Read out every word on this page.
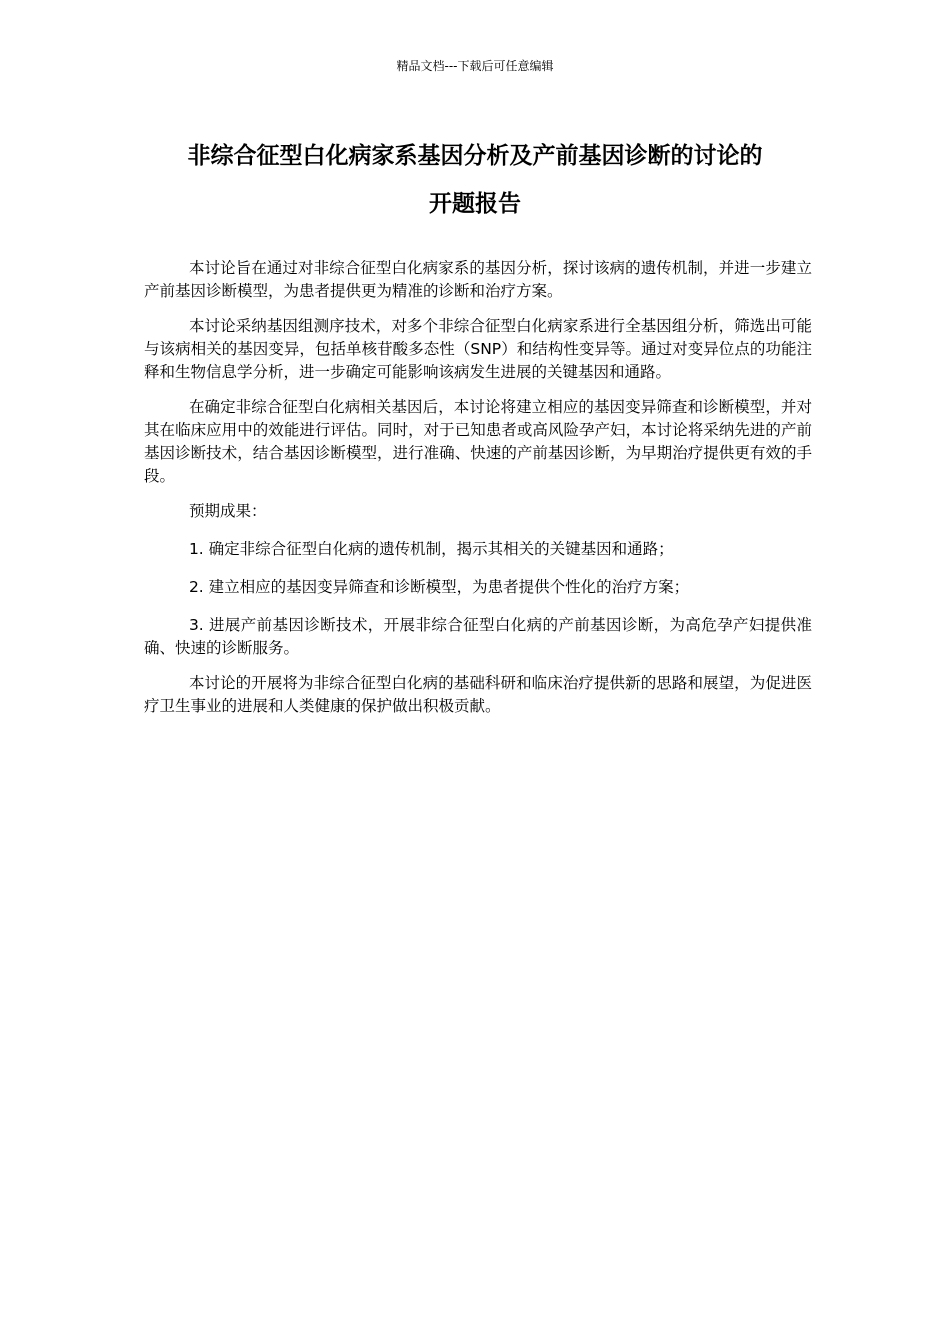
精品文档---下载后可任意编辑
非综合征型白化病家系基因分析及产前基因诊断的讨论的
开题报告

本讨论旨在通过对非综合征型白化病家系的基因分析，探讨该病的遗传机制，并进一步建立产前基因诊断模型，为患者提供更为精准的诊断和治疗方案。

本讨论采纳基因组测序技术，对多个非综合征型白化病家系进行全基因组分析，筛选出可能与该病相关的基因变异，包括单核苷酸多态性（SNP）和结构性变异等。通过对变异位点的功能注释和生物信息学分析，进一步确定可能影响该病发生进展的关键基因和通路。

在确定非综合征型白化病相关基因后，本讨论将建立相应的基因变异筛查和诊断模型，并对其在临床应用中的效能进行评估。同时，对于已知患者或高风险孕产妇，本讨论将采纳先进的产前基因诊断技术，结合基因诊断模型，进行准确、快速的产前基因诊断，为早期治疗提供更有效的手段。

预期成果：

1. 确定非综合征型白化病的遗传机制，揭示其相关的关键基因和通路；

2. 建立相应的基因变异筛查和诊断模型，为患者提供个性化的治疗方案；

3. 进展产前基因诊断技术，开展非综合征型白化病的产前基因诊断，为高危孕产妇提供准确、快速的诊断服务。

本讨论的开展将为非综合征型白化病的基础科研和临床治疗提供新的思路和展望，为促进医疗卫生事业的进展和人类健康的保护做出积极贡献。
